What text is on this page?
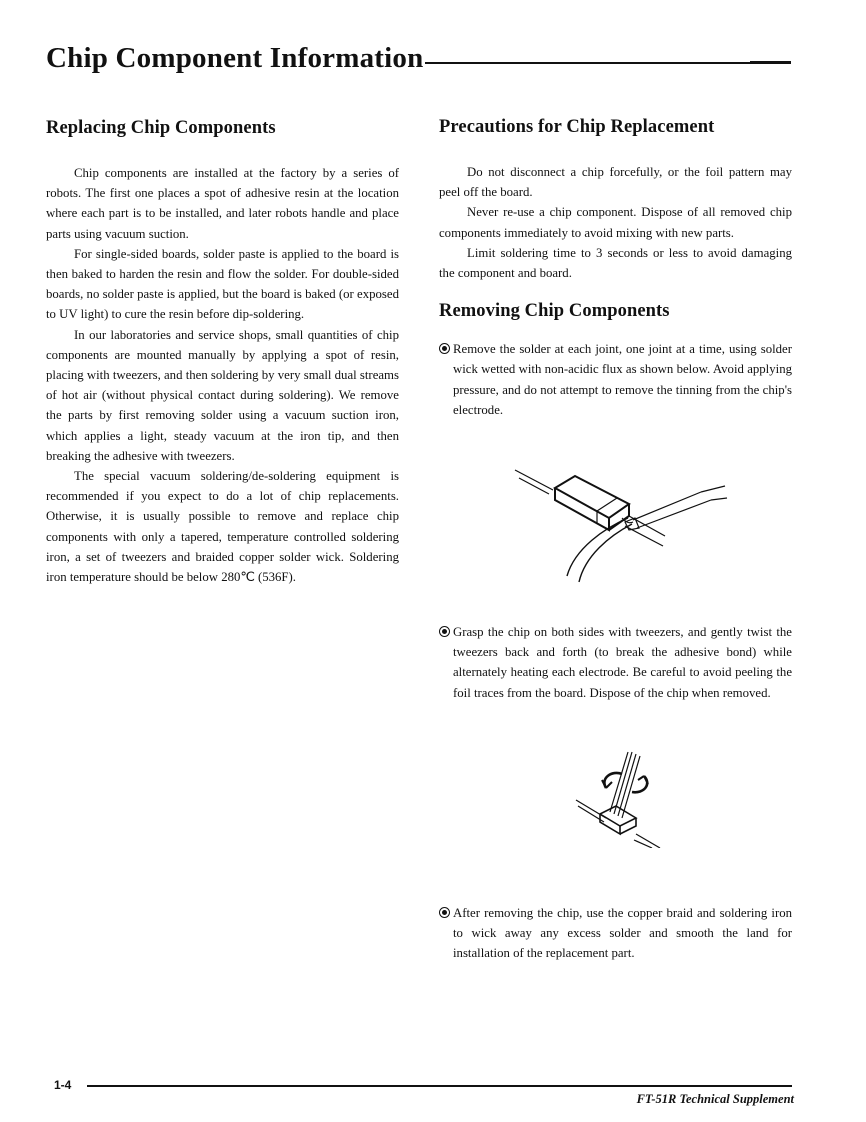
Chip Component Information
Replacing Chip Components

Chip components are installed at the factory by a series of robots. The first one places a spot of adhesive resin at the location where each part is to be installed, and later robots handle and place parts using vacuum suction.

For single-sided boards, solder paste is applied to the board is then baked to harden the resin and flow the solder. For double-sided boards, no solder paste is applied, but the board is baked (or exposed to UV light) to cure the resin before dip-soldering.

In our laboratories and service shops, small quantities of chip components are mounted manually by applying a spot of resin, placing with tweezers, and then soldering by very small dual streams of hot air (without physical contact during soldering). We remove the parts by first removing solder using a vacuum suction iron, which applies a light, steady vacuum at the iron tip, and then breaking the adhesive with tweezers.

The special vacuum soldering/de-soldering equipment is recommended if you expect to do a lot of chip replacements. Otherwise, it is usually possible to remove and replace chip components with only a tapered, temperature controlled soldering iron, a set of tweezers and braided copper solder wick. Soldering iron temperature should be below 280℃ (536F).

Precautions for Chip Replacement

Do not disconnect a chip forcefully, or the foil pattern may peel off the board.

Never re-use a chip component. Dispose of all removed chip components immediately to avoid mixing with new parts.

Limit soldering time to 3 seconds or less to avoid damaging the component and board.

Removing Chip Components
Remove the solder at each joint, one joint at a time, using solder wick wetted with non-acidic flux as shown below. Avoid applying pressure, and do not attempt to remove the tinning from the chip's electrode.
Grasp the chip on both sides with tweezers, and gently twist the tweezers back and forth (to break the adhesive bond) while alternately heating each electrode. Be careful to avoid peeling the foil traces from the board. Dispose of the chip when removed.
After removing the chip, use the copper braid and soldering iron to wick away any excess solder and smooth the land for installation of the replacement part.
1-4
FT-51R Technical Supplement
